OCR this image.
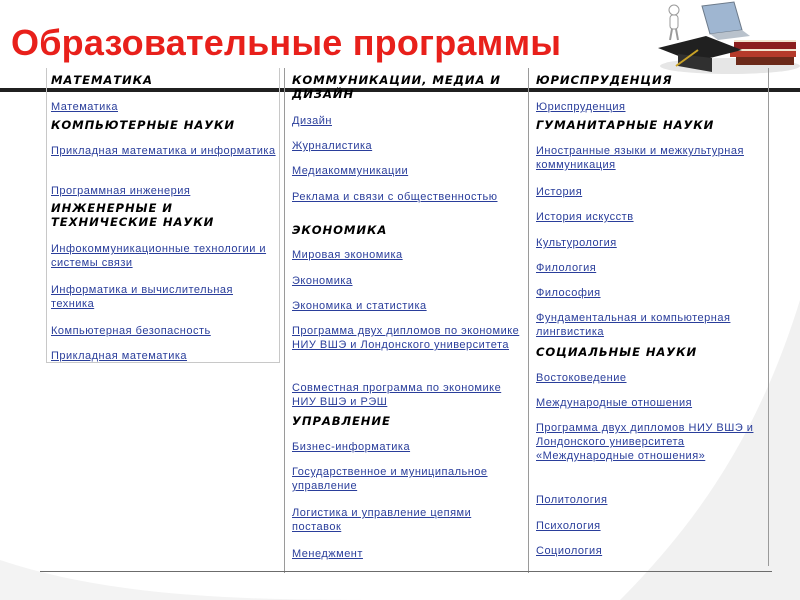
Образовательные программы
МАТЕМАТИКА
Математика
КОМПЬЮТЕРНЫЕ НАУКИ
Прикладная математика и информатика
Программная инженерия
ИНЖЕНЕРНЫЕ И ТЕХНИЧЕСКИЕ НАУКИ
Инфокоммуникационные технологии и системы связи
Информатика и вычислительная техника
Компьютерная безопасность
Прикладная математика
КОММУНИКАЦИИ, МЕДИА И ДИЗАЙН
Дизайн
Журналистика
Медиакоммуникации
Реклама и связи с общественностью
ЭКОНОМИКА
Мировая экономика
Экономика
Экономика и статистика
Программа двух дипломов по экономике НИУ ВШЭ и Лондонского университета
Совместная программа по экономике НИУ ВШЭ и РЭШ
УПРАВЛЕНИЕ
Бизнес-информатика
Государственное и муниципальное управление
Логистика и управление цепями поставок
Менеджмент
ЮРИСПРУДЕНЦИЯ
Юриспруденция
ГУМАНИТАРНЫЕ НАУКИ
Иностранные языки и межкультурная коммуникация
История
История искусств
Культурология
Филология
Философия
Фундаментальная и компьютерная лингвистика
СОЦИАЛЬНЫЕ НАУКИ
Востоковедение
Международные отношения
Программа двух дипломов НИУ ВШЭ и Лондонского университета «Международные отношения»
Политология
Психология
Социология
